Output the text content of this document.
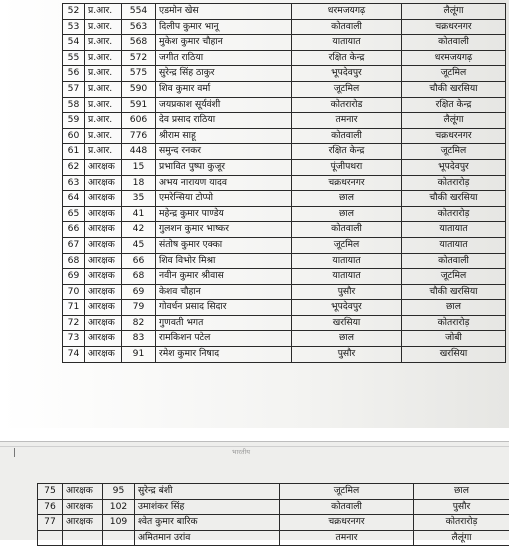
52	प्र.आर.	554	एडमोन खेस	धरमजयगढ़	लैलूंगा
53	प्र.आर.	563	दिलीप कुमार भानू	कोतवाली	चक्रधरनगर
54	प्र.आर.	568	मुकेश कुमार चौहान	यातायात	कोतवाली
55	प्र.आर.	572	जगीत राठिया	रक्षित केन्द्र	धरमजयगढ़
56	प्र.आर.	575	सुरेन्द्र सिंह ठाकुर	भूपदेवपुर	जूटमिल
57	प्र.आर.	590	शिव कुमार वर्मा	जूटमिल	चौकी खरसिया
58	प्र.आर.	591	जयप्रकाश सूर्यवंशी	कोतरारोड	रक्षित केन्द्र
59	प्र.आर.	606	देव प्रसाद राठिया	तमनार	लैलूंगा
60	प्र.आर.	776	श्रीराम साहू	कोतवाली	चक्रधरनगर
61	प्र.आर.	448	समुन्द रनकर	रक्षित केन्द्र	जूटमिल
62	आरक्षक	15	प्रभावित पुष्पा कुजूर	पूंजीपथरा	भूपदेवपुर
63	आरक्षक	18	अभय नारायण यादव	चक्रधरनगर	कोतरारोड़
64	आरक्षक	35	एमरेन्सिया टोप्पो	छाल	चौकी खरसिया
65	आरक्षक	41	महेन्द्र कुमार पाण्डेय	छाल	कोतरारोड़
66	आरक्षक	42	गुलशन कुमार भाष्कर	कोतवाली	यातायात
67	आरक्षक	45	संतोष कुमार एक्का	जूटमिल	यातायात
68	आरक्षक	66	शिव विभोर मिश्रा	यातायात	कोतवाली
69	आरक्षक	68	नवीन कुमार श्रीवास	यातायात	जूटमिल
70	आरक्षक	69	केशव चौहान	पुसौर	चौकी खरसिया
71	आरक्षक	79	गोवर्धन प्रसाद सिदार	भूपदेवपुर	छाल
72	आरक्षक	82	गुणवती भगत	खरसिया	कोतरारोड़
73	आरक्षक	83	रामकिशन पटेल	छाल	जोबी
74	आरक्षक	91	रमेश कुमार निषाद	पुसौर	खरसिया
भारतीय
75	आरक्षक	95	सुरेन्द्र बंशी	जूटमिल	छाल
76	आरक्षक	102	उमाशंकर सिंह	कोतवाली	पुसौर
77	आरक्षक	109	श्वेत कुमार बारिक	चक्रधरनगर	कोतरारोड़
			अमितमान उरांव	तमनार	लैलूंगा
